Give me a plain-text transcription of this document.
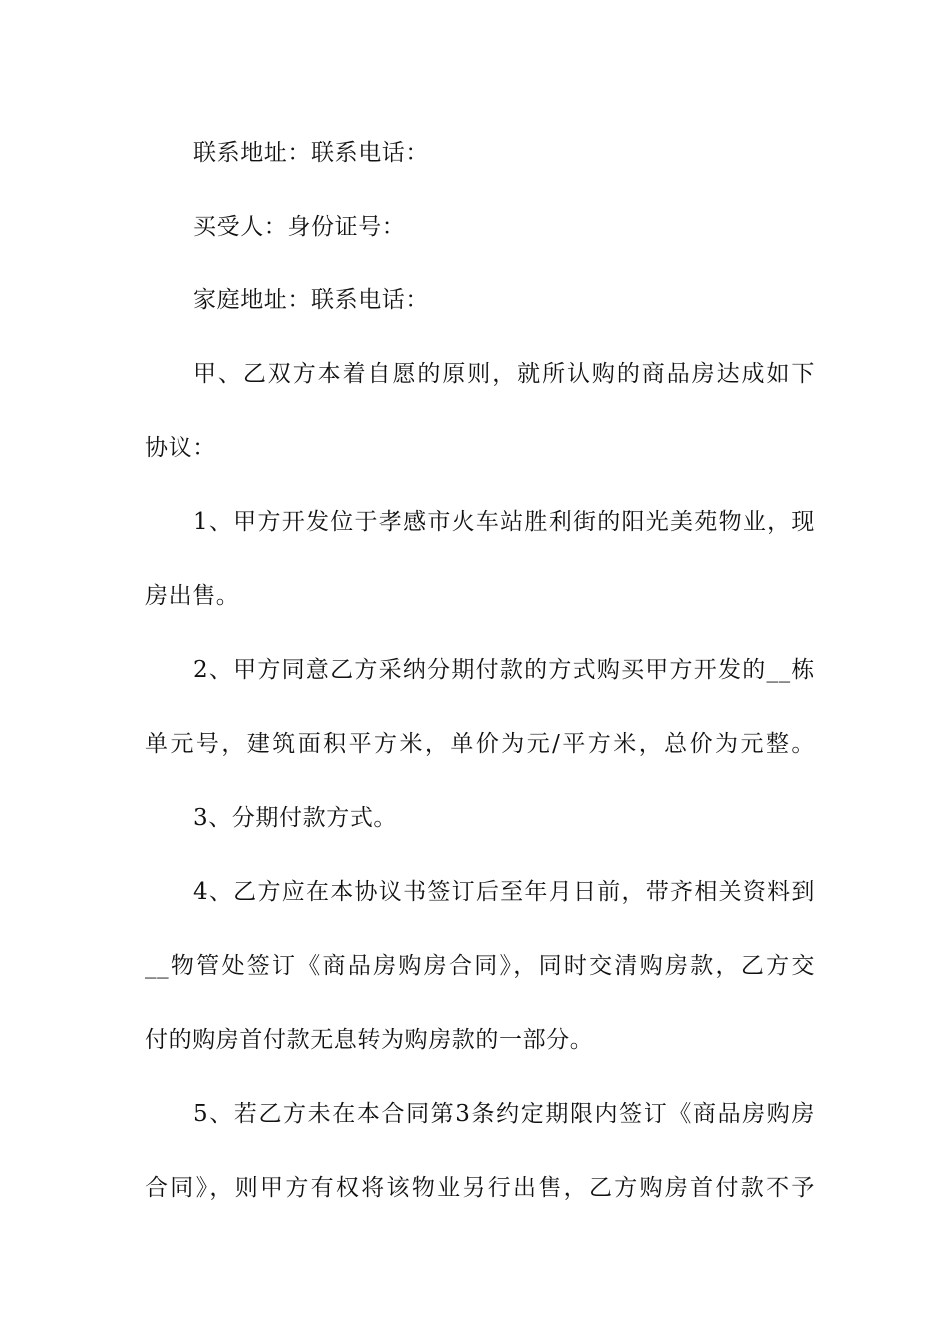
联系地址：联系电话：
买受人：身份证号：
家庭地址：联系电话：
甲、乙双方本着自愿的原则，就所认购的商品房达成如下
协议：
1、甲方开发位于孝感市火车站胜利街的阳光美苑物业，现
房出售。
2、甲方同意乙方采纳分期付款的方式购买甲方开发的__栋
单元号，建筑面积平方米，单价为元/平方米，总价为元整。
3、分期付款方式。
4、乙方应在本协议书签订后至年月日前，带齐相关资料到
__物管处签订《商品房购房合同》，同时交清购房款，乙方交
付的购房首付款无息转为购房款的一部分。
5、若乙方未在本合同第3条约定期限内签订《商品房购房
合同》，则甲方有权将该物业另行出售，乙方购房首付款不予
